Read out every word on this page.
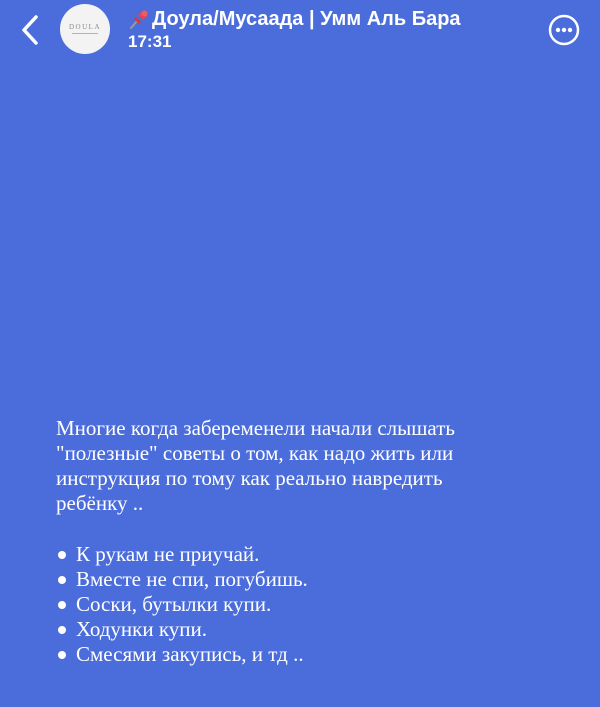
DOULA	Доула/Мусаада | Умм Аль Бара
17:31

Многие когда забеременели начали слышать
"полезные" советы о том, как надо жить или
инструкция по тому как реально навредить
ребёнку ..

К рукам не приучай.
Вместе не спи, погубишь.
Соски, бутылки купи.
Ходунки купи.
Смесями закупись, и тд ..
